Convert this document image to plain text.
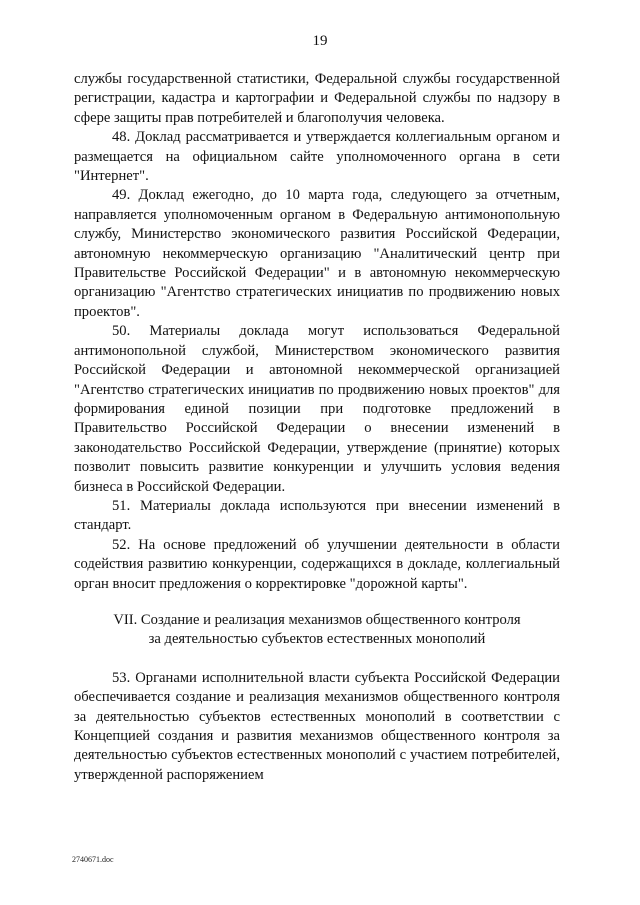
19

службы государственной статистики, Федеральной службы государственной регистрации, кадастра и картографии и Федеральной службы по надзору в сфере защиты прав потребителей и благополучия человека.

48. Доклад рассматривается и утверждается коллегиальным органом и размещается на официальном сайте уполномоченного органа в сети "Интернет".

49. Доклад ежегодно, до 10 марта года, следующего за отчетным, направляется уполномоченным органом в Федеральную антимонопольную службу, Министерство экономического развития Российской Федерации, автономную некоммерческую организацию "Аналитический центр при Правительстве Российской Федерации" и в автономную некоммерческую организацию "Агентство стратегических инициатив по продвижению новых проектов".

50. Материалы доклада могут использоваться Федеральной антимонопольной службой, Министерством экономического развития Российской Федерации и автономной некоммерческой организацией "Агентство стратегических инициатив по продвижению новых проектов" для формирования единой позиции при подготовке предложений в Правительство Российской Федерации о внесении изменений в законодательство Российской Федерации, утверждение (принятие) которых позволит повысить развитие конкуренции и улучшить условия ведения бизнеса в Российской Федерации.

51. Материалы доклада используются при внесении изменений в стандарт.

52. На основе предложений об улучшении деятельности в области содействия развитию конкуренции, содержащихся в докладе, коллегиальный орган вносит предложения о корректировке "дорожной карты".

VII. Создание и реализация механизмов общественного контроля
за деятельностью субъектов естественных монополий

53. Органами исполнительной власти субъекта Российской Федерации обеспечивается создание и реализация механизмов общественного контроля за деятельностью субъектов естественных монополий в соответствии с Концепцией создания и развития механизмов общественного контроля за деятельностью субъектов естественных монополий с участием потребителей, утвержденной распоряжением

2740671.doc
